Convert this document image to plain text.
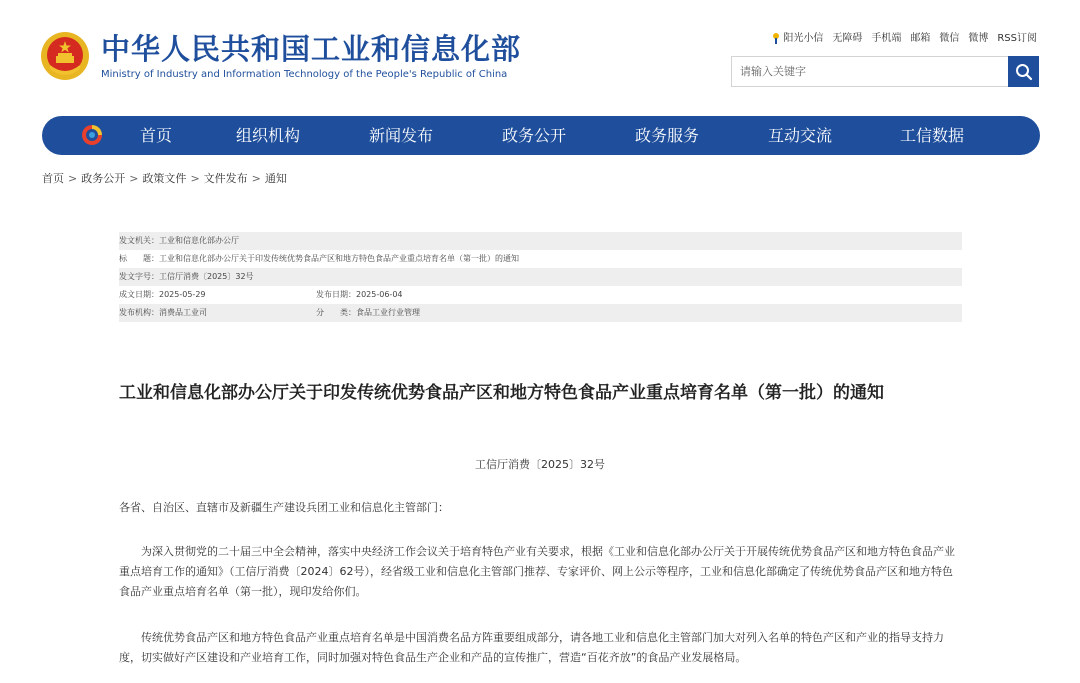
中华人民共和国工业和信息化部
Ministry of Industry and Information Technology of the People's Republic of China
阳光小信 无障碍 手机端 邮箱 微信 微博 RSS订阅
请输入关键字
首页	组织机构	新闻发布	政务公开	政务服务	互动交流	工信数据
首页 > 政务公开 > 政策文件 > 文件发布 > 通知
发文机关：工业和信息化部办公厅
标　　题：工业和信息化部办公厅关于印发传统优势食品产区和地方特色食品产业重点培育名单（第一批）的通知
发文字号：工信厅消费〔2025〕32号
成文日期：2025-05-29	发布日期：2025-06-04
发布机构：消费品工业司	分　　类：食品工业行业管理
工业和信息化部办公厅关于印发传统优势食品产区和地方特色食品产业重点培育名单（第一批）的通知
工信厅消费〔2025〕32号
各省、自治区、直辖市及新疆生产建设兵团工业和信息化主管部门：
为深入贯彻党的二十届三中全会精神，落实中央经济工作会议关于培育特色产业有关要求，根据《工业和信息化部办公厅关于开展传统优势食品产区和地方特色食品产业重点培育工作的通知》（工信厅消费〔2024〕62号），经省级工业和信息化主管部门推荐、专家评价、网上公示等程序，工业和信息化部确定了传统优势食品产区和地方特色食品产业重点培育名单（第一批），现印发给你们。
传统优势食品产区和地方特色食品产业重点培育名单是中国消费名品方阵重要组成部分，请各地工业和信息化主管部门加大对列入名单的特色产区和产业的指导支持力度，切实做好产区建设和产业培育工作，同时加强对特色食品生产企业和产品的宣传推广，营造“百花齐放”的食品产业发展格局。
